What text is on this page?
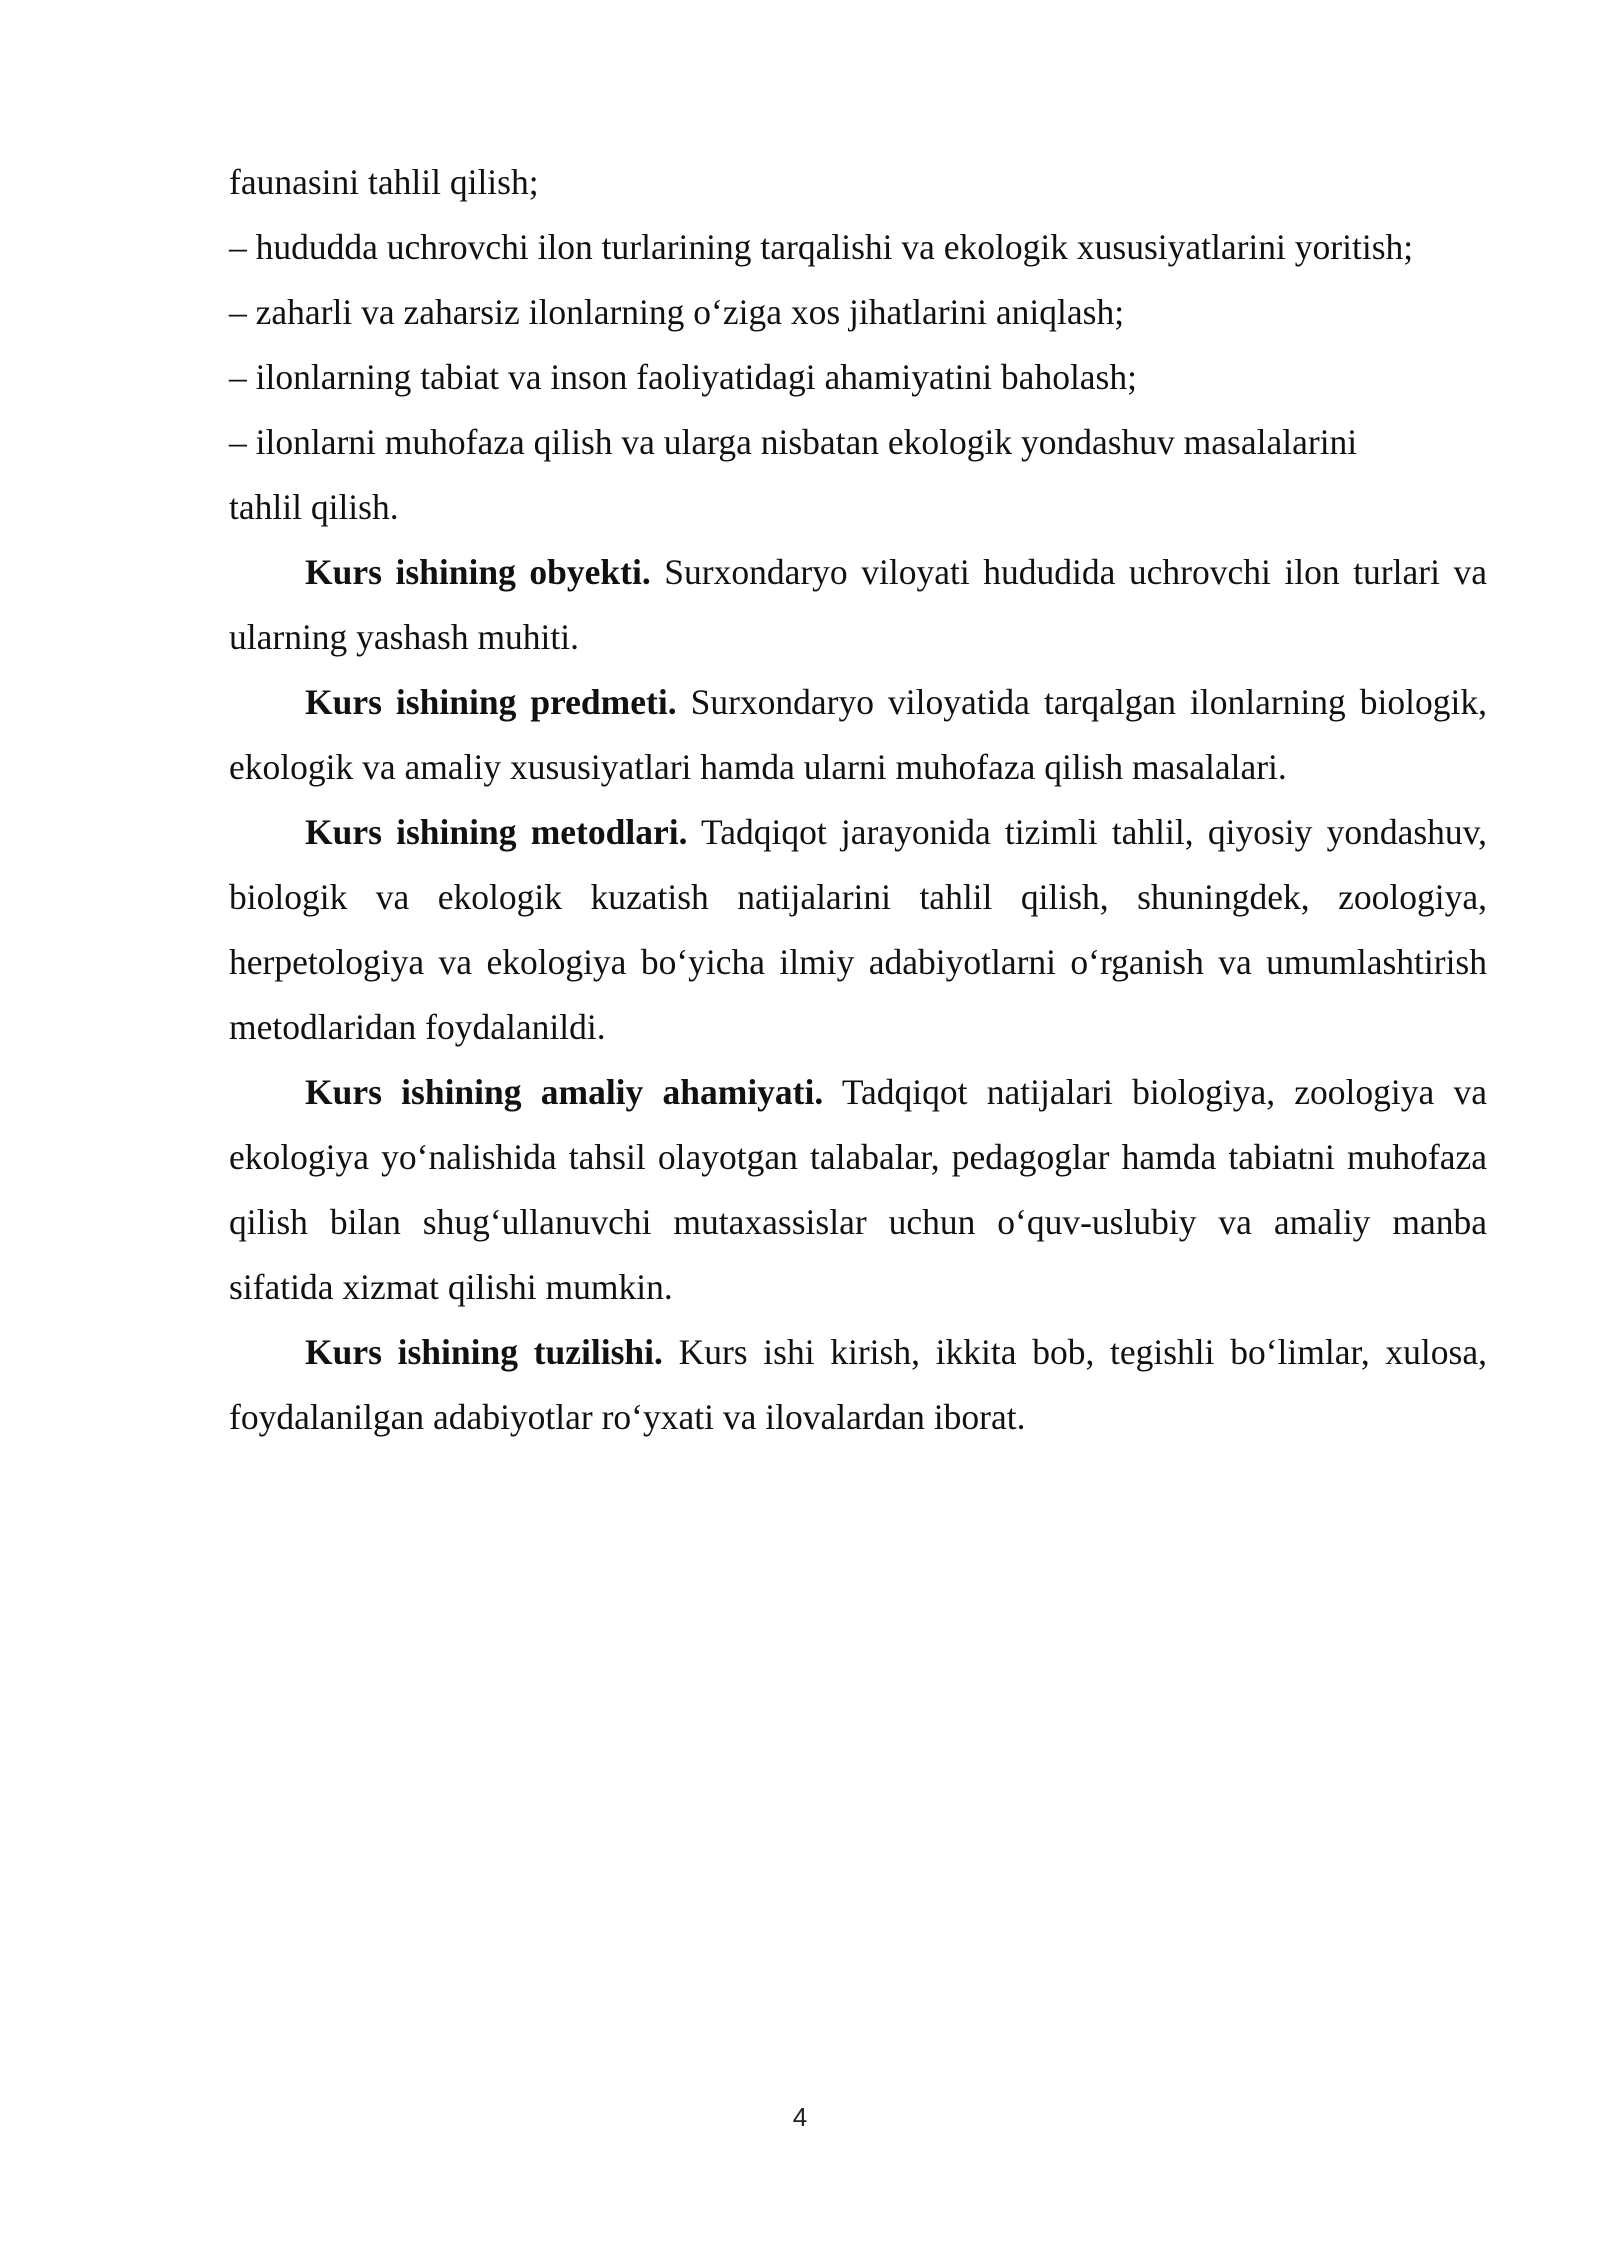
faunasini tahlil qilish;
– hududda uchrovchi ilon turlarining tarqalishi va ekologik xususiyatlarini yoritish;
– zaharli va zaharsiz ilonlarning o‘ziga xos jihatlarini aniqlash;
– ilonlarning tabiat va inson faoliyatidagi ahamiyatini baholash;
– ilonlarni muhofaza qilish va ularga nisbatan ekologik yondashuv masalalarini
tahlil qilish.

Kurs ishining obyekti. Surxondaryo viloyati hududida uchrovchi ilon turlari va ularning yashash muhiti.

Kurs ishining predmeti. Surxondaryo viloyatida tarqalgan ilonlarning biologik, ekologik va amaliy xususiyatlari hamda ularni muhofaza qilish masalalari.

Kurs ishining metodlari. Tadqiqot jarayonida tizimli tahlil, qiyosiy yondashuv, biologik va ekologik kuzatish natijalarini tahlil qilish, shuningdek, zoologiya, herpetologiya va ekologiya bo‘yicha ilmiy adabiyotlarni o‘rganish va umumlashtirish metodlaridan foydalanildi.

Kurs ishining amaliy ahamiyati. Tadqiqot natijalari biologiya, zoologiya va ekologiya yo‘nalishida tahsil olayotgan talabalar, pedagoglar hamda tabiatni muhofaza qilish bilan shug‘ullanuvchi mutaxassislar uchun o‘quv-uslubiy va amaliy manba sifatida xizmat qilishi mumkin.

Kurs ishining tuzilishi. Kurs ishi kirish, ikkita bob, tegishli bo‘limlar, xulosa, foydalanilgan adabiyotlar ro‘yxati va ilovalardan iborat.

4
